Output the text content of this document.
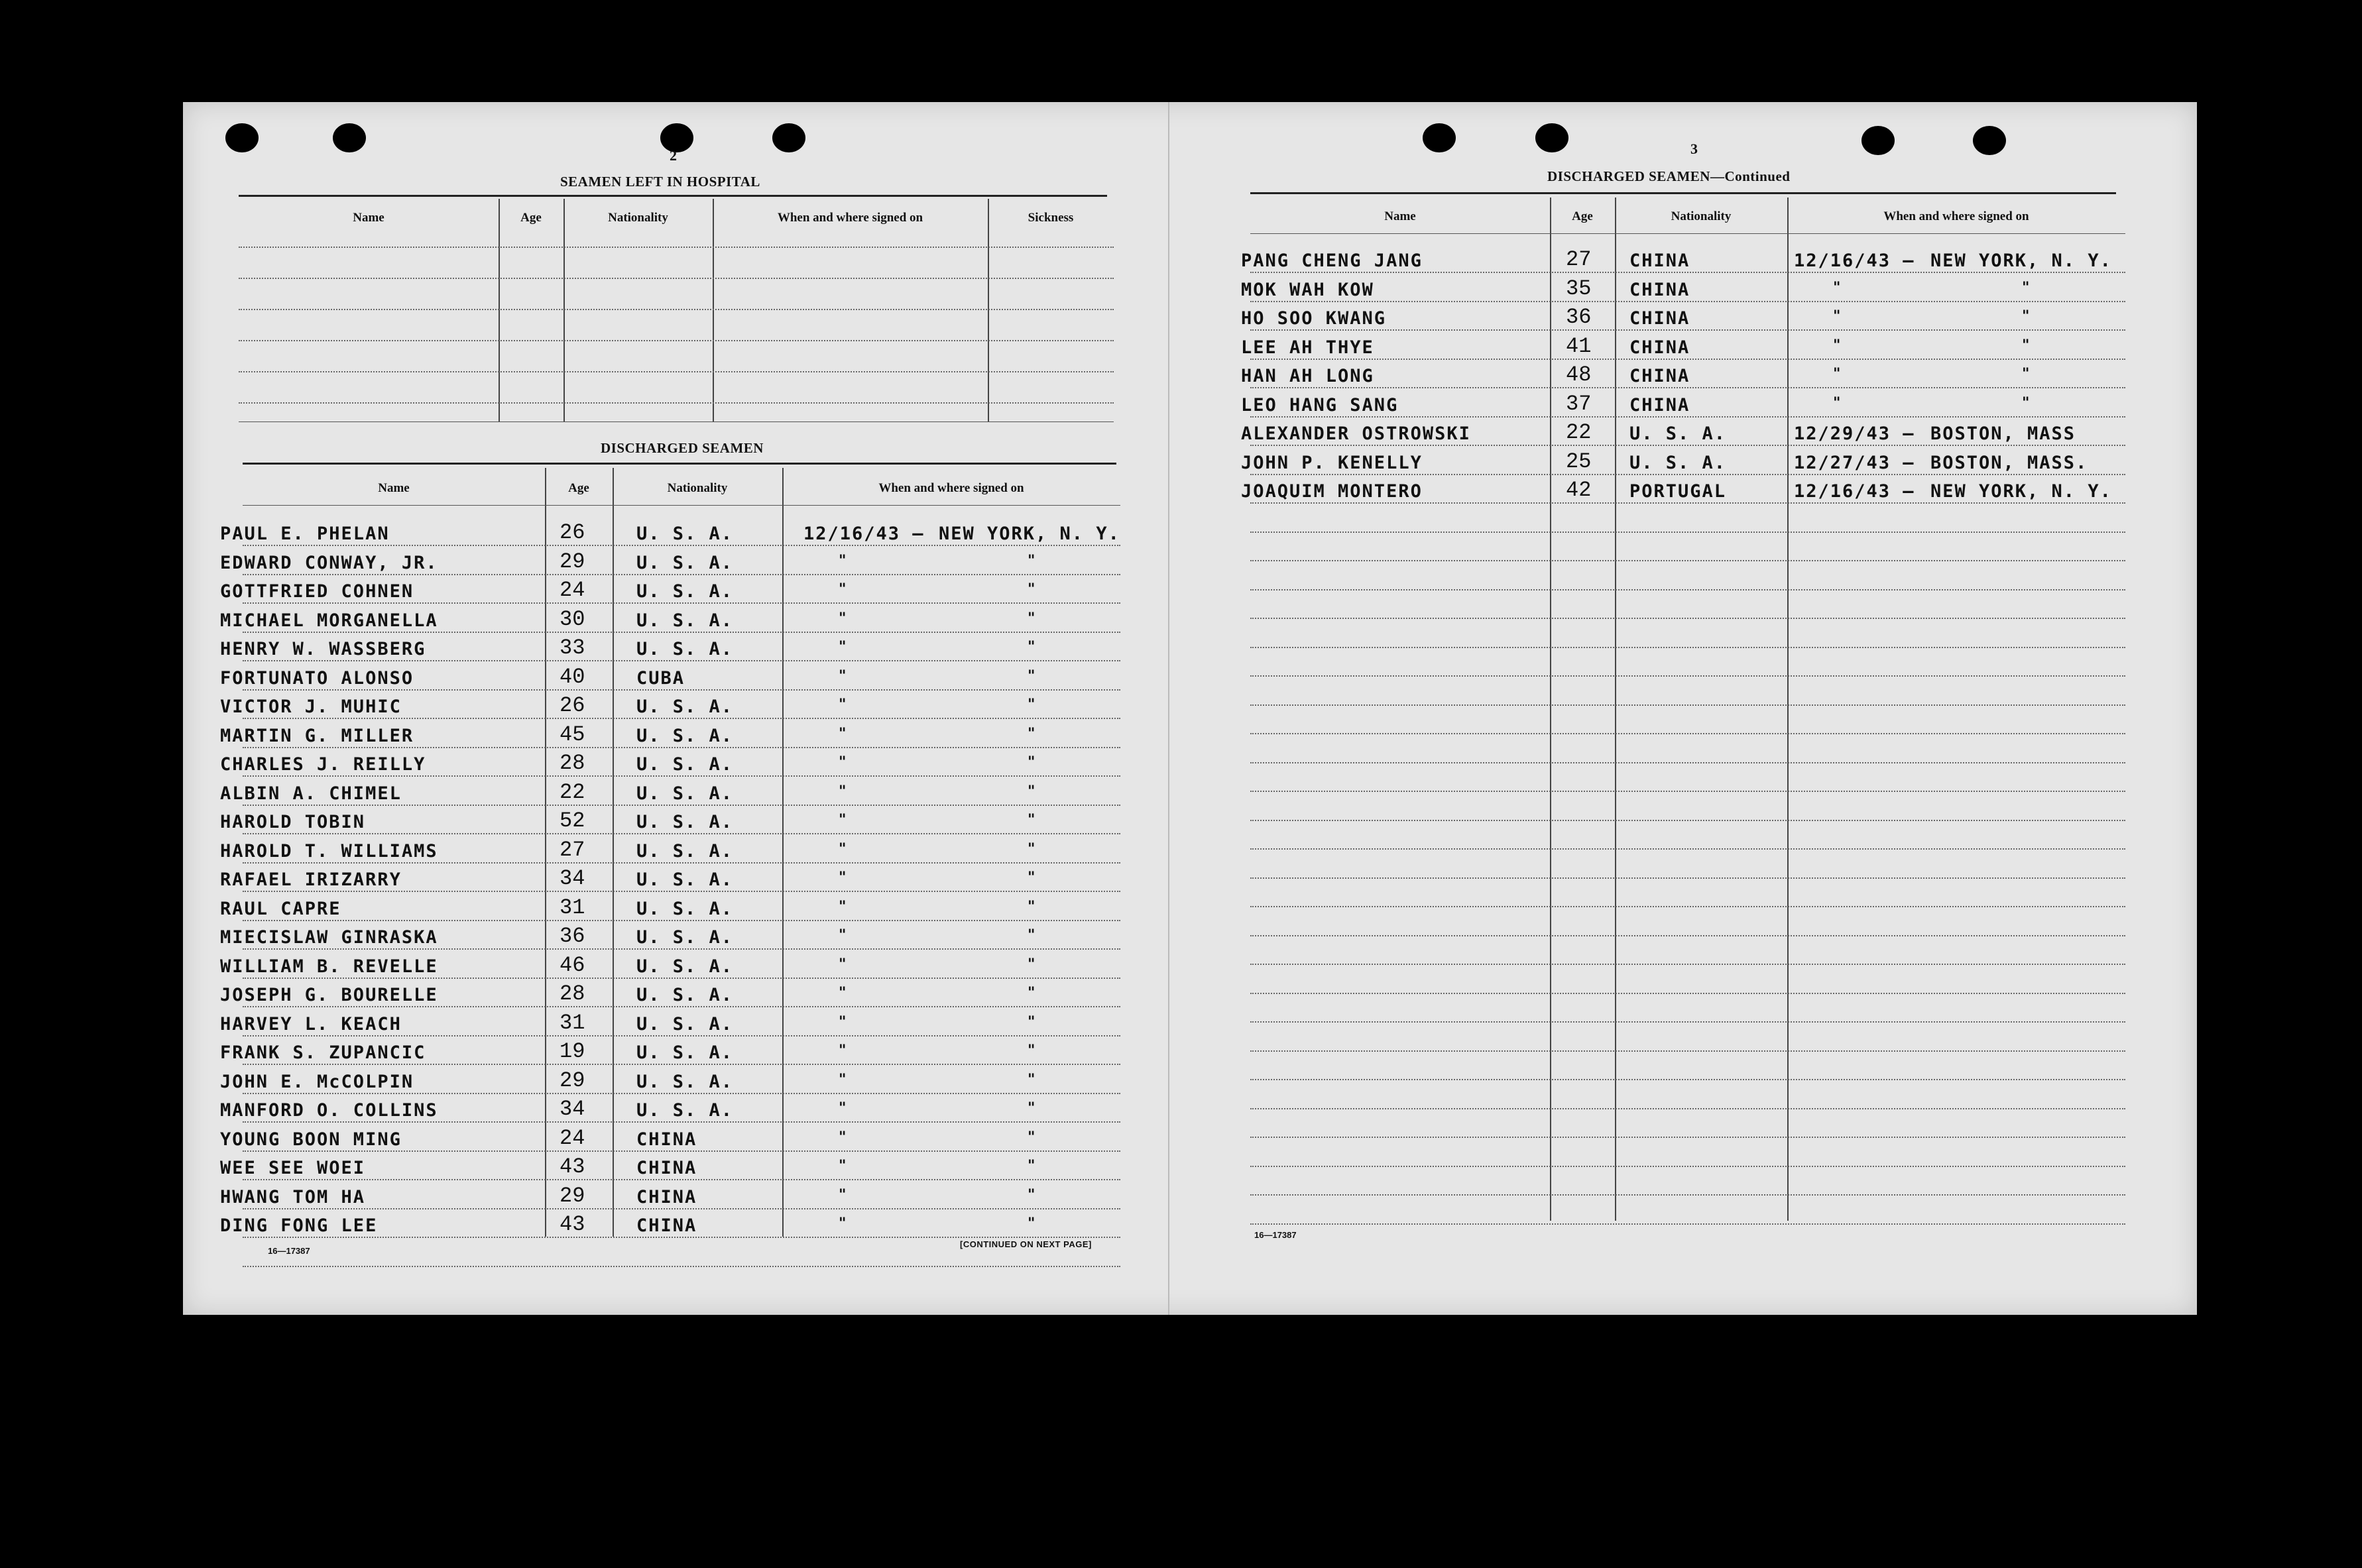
2
SEAMEN LEFT IN HOSPITAL
DISCHARGED SEAMEN
16—17387
[CONTINUED ON NEXT PAGE]
3
DISCHARGED SEAMEN—Continued
16—17387
Name	Age	Nationality	When and where signed on	Sickness
Name	Age	Nationality	When and where signed on
PAUL E. PHELAN	26	U. S. A.	12/16/43 – NEW YORK, N. Y.
EDWARD CONWAY, JR.	29	U. S. A.	"	"
GOTTFRIED COHNEN	24	U. S. A.	"	"
MICHAEL MORGANELLA	30	U. S. A.	"	"
HENRY W. WASSBERG	33	U. S. A.	"	"
FORTUNATO ALONSO	40	CUBA	"	"
VICTOR J. MUHIC	26	U. S. A.	"	"
MARTIN G. MILLER	45	U. S. A.	"	"
CHARLES J. REILLY	28	U. S. A.	"	"
ALBIN A. CHIMEL	22	U. S. A.	"	"
HAROLD TOBIN	52	U. S. A.	"	"
HAROLD T. WILLIAMS	27	U. S. A.	"	"
RAFAEL IRIZARRY	34	U. S. A.	"	"
RAUL CAPRE	31	U. S. A.	"	"
MIECISLAW GINRASKA	36	U. S. A.	"	"
WILLIAM B. REVELLE	46	U. S. A.	"	"
JOSEPH G. BOURELLE	28	U. S. A.	"	"
HARVEY L. KEACH	31	U. S. A.	"	"
FRANK S. ZUPANCIC	19	U. S. A.	"	"
JOHN E. McCOLPIN	29	U. S. A.	"	"
MANFORD O. COLLINS	34	U. S. A.	"	"
YOUNG BOON MING	24	CHINA	"	"
WEE SEE WOEI	43	CHINA	"	"
HWANG TOM HA	29	CHINA	"	"
DING FONG LEE	43	CHINA	"	"
Name	Age	Nationality	When and where signed on
PANG CHENG JANG	27 CHINA	12/16/43 – NEW YORK, N. Y.
MOK WAH KOW	35 CHINA	"	"
HO SOO KWANG	36 CHINA	"	"
LEE AH THYE	41 CHINA	"	"
HAN AH LONG	48 CHINA	"	"
LEO HANG SANG	37 CHINA	"	"
ALEXANDER OSTROWSKI	22 U. S. A.	12/29/43 – BOSTON, MASS
JOHN P. KENELLY	25 U. S. A.	12/27/43 – BOSTON, MASS.
JOAQUIM MONTERO	42 PORTUGAL	12/16/43 – NEW YORK, N. Y.
